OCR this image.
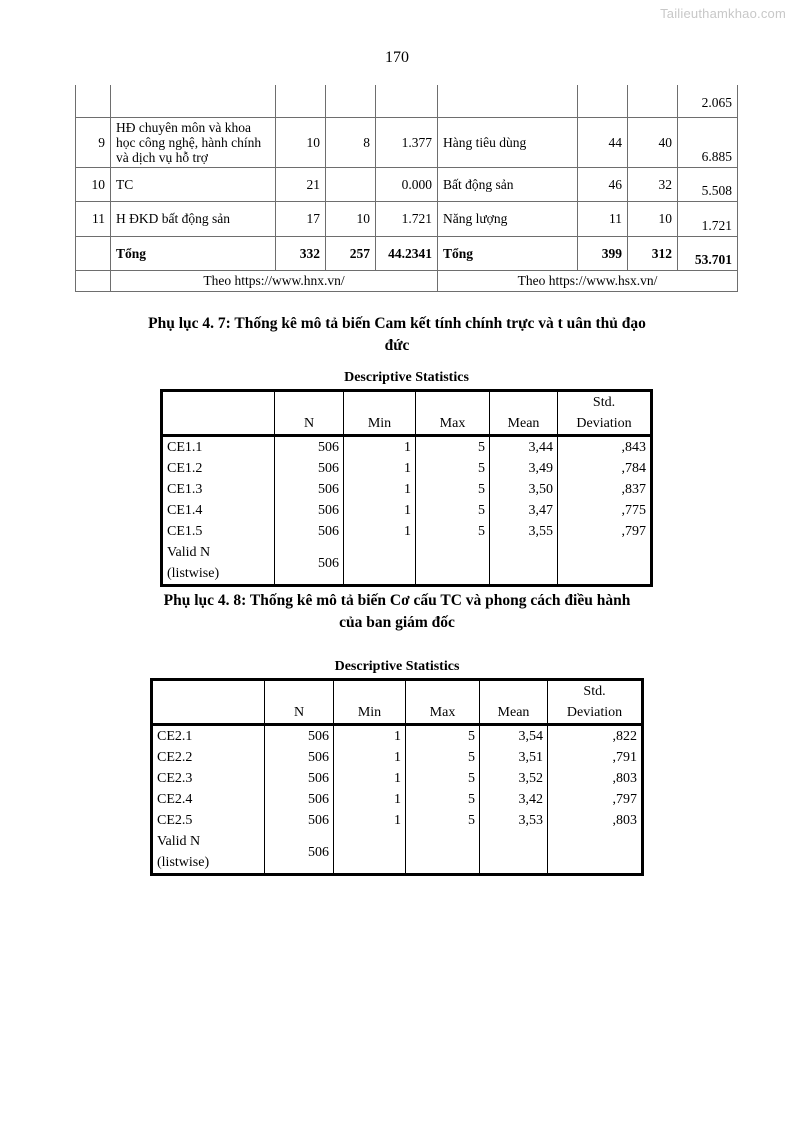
Tailieuthamkhao.com
170
								2.065
9	HĐ chuyên môn và khoa học công nghệ, hành chính và dịch vụ hỗ trợ	10	8	1.377	Hàng tiêu dùng	44	40	6.885
10	TC	21		0.000	Bất động sản	46	32	5.508
11	H ĐKD bất động sản	17	10	1.721	Năng lượng	11	10	1.721
	Tổng	332	257	44.2341	Tổng	399	312	53.701
	Theo https://www.hnx.vn/				Theo https://www.hsx.vn/			
Phụ lục 4. 7: Thống kê mô tả biến Cam kết tính chính trực và t uân thủ đạo
đức
Descriptive Statistics
	N	Min	Max	Mean	Std.
Deviation

CE1.1	506	1	5	3,44	,843
CE1.2	506	1	5	3,49	,784
CE1.3	506	1	5	3,50	,837
CE1.4	506	1	5	3,47	,775
CE1.5	506	1	5	3,55	,797

Valid N
(listwise)	506				
Phụ lục 4. 8: Thống kê mô tả biến Cơ cấu TC và phong cách điều hành
của ban giám đốc
Descriptive Statistics
	N	Min	Max	Mean	Std.
Deviation

CE2.1	506	1	5	3,54	,822
CE2.2	506	1	5	3,51	,791
CE2.3	506	1	5	3,52	,803
CE2.4	506	1	5	3,42	,797
CE2.5	506	1	5	3,53	,803

Valid N
(listwise)	506				
